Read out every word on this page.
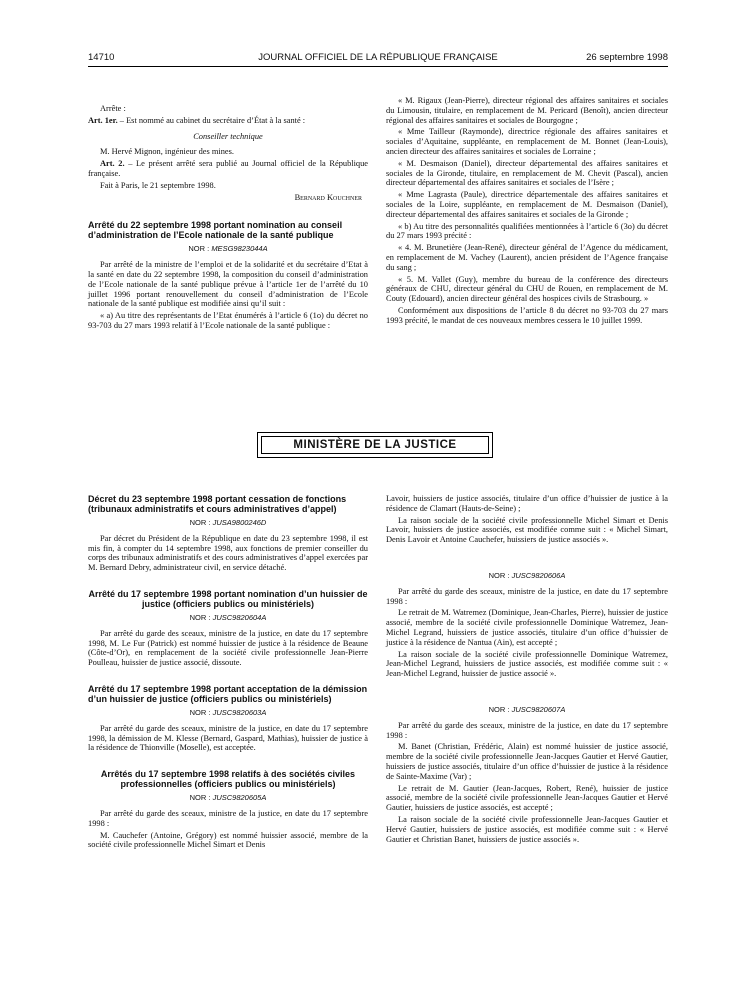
14710	JOURNAL OFFICIEL DE LA RÉPUBLIQUE FRANÇAISE	26 septembre 1998

Arrête :

Art. 1er. – Est nommé au cabinet du secrétaire d’État à la santé :

Conseiller technique

M. Hervé Mignon, ingénieur des mines.

Art. 2. – Le présent arrêté sera publié au Journal officiel de la République française.

Fait à Paris, le 21 septembre 1998.

Bernard Kouchner

Arrêté du 22 septembre 1998 portant nomination au conseil d’administration de l’Ecole nationale de la santé publique
NOR : MESG9823044A

Par arrêté de la ministre de l’emploi et de la solidarité et du secrétaire d’Etat à la santé en date du 22 septembre 1998, la composition du conseil d’administration de l’Ecole nationale de la santé publique prévue à l’article 1er de l’arrêté du 10 juillet 1996 portant renouvellement du conseil d’administration de l’Ecole nationale de la santé publique est modifiée ainsi qu’il suit :

« a) Au titre des représentants de l’Etat énumérés à l’article 6 (1o) du décret no 93-703 du 27 mars 1993 relatif à l’Ecole nationale de la santé publique :

« M. Rigaux (Jean-Pierre), directeur régional des affaires sanitaires et sociales du Limousin, titulaire, en remplacement de M. Pericard (Benoît), ancien directeur régional des affaires sanitaires et sociales de Bourgogne ;

« Mme Tailleur (Raymonde), directrice régionale des affaires sanitaires et sociales d’Aquitaine, suppléante, en remplacement de M. Bonnet (Jean-Louis), ancien directeur des affaires sanitaires et sociales de Lorraine ;

« M. Desmaison (Daniel), directeur départemental des affaires sanitaires et sociales de la Gironde, titulaire, en remplacement de M. Chevit (Pascal), ancien directeur départemental des affaires sanitaires et sociales de l’Isère ;

« Mme Lagrasta (Paule), directrice départementale des affaires sanitaires et sociales de la Loire, suppléante, en remplacement de M. Desmaison (Daniel), directeur départemental des affaires sanitaires et sociales de la Gironde ;

« b) Au titre des personnalités qualifiées mentionnées à l’article 6 (3o) du décret du 27 mars 1993 précité :

« 4. M. Brunetière (Jean-René), directeur général de l’Agence du médicament, en remplacement de M. Vachey (Laurent), ancien président de l’Agence française du sang ;

« 5. M. Vallet (Guy), membre du bureau de la conférence des directeurs généraux de CHU, directeur général du CHU de Rouen, en remplacement de M. Couty (Edouard), ancien directeur général des hospices civils de Strasbourg. »

Conformément aux dispositions de l’article 8 du décret no 93-703 du 27 mars 1993 précité, le mandat de ces nouveaux membres cessera le 10 juillet 1999.

MINISTÈRE DE LA JUSTICE
Décret du 23 septembre 1998 portant cessation de fonctions (tribunaux administratifs et cours administratives d’appel)
NOR : JUSA9800246D

Par décret du Président de la République en date du 23 septembre 1998, il est mis fin, à compter du 14 septembre 1998, aux fonctions de premier conseiller du corps des tribunaux administratifs et des cours administratives d’appel exercées par M. Bernard Debry, administrateur civil, en service détaché.

Arrêté du 17 septembre 1998 portant nomination d’un huissier de justice (officiers publics ou ministériels)
NOR : JUSC9820604A

Par arrêté du garde des sceaux, ministre de la justice, en date du 17 septembre 1998, M. Le Fur (Patrick) est nommé huissier de justice à la résidence de Beaune (Côte-d’Or), en remplacement de la société civile professionnelle Jean-Pierre Poulleau, huissier de justice associé, dissoute.

Arrêté du 17 septembre 1998 portant acceptation de la démission d’un huissier de justice (officiers publics ou ministériels)
NOR : JUSC9820603A

Par arrêté du garde des sceaux, ministre de la justice, en date du 17 septembre 1998, la démission de M. Klesse (Bernard, Gaspard, Mathias), huissier de justice à la résidence de Thionville (Moselle), est acceptée.

Arrêtés du 17 septembre 1998 relatifs à des sociétés civiles professionnelles (officiers publics ou ministériels)
NOR : JUSC9820605A

Par arrêté du garde des sceaux, ministre de la justice, en date du 17 septembre 1998 :

M. Cauchefer (Antoine, Grégory) est nommé huissier associé, membre de la société civile professionnelle Michel Simart et Denis

Lavoir, huissiers de justice associés, titulaire d’un office d’huissier de justice à la résidence de Clamart (Hauts-de-Seine) ;

La raison sociale de la société civile professionnelle Michel Simart et Denis Lavoir, huissiers de justice associés, est modifiée comme suit : « Michel Simart, Denis Lavoir et Antoine Cauchefer, huissiers de justice associés ».

NOR : JUSC9820606A

Par arrêté du garde des sceaux, ministre de la justice, en date du 17 septembre 1998 :

Le retrait de M. Watremez (Dominique, Jean-Charles, Pierre), huissier de justice associé, membre de la société civile professionnelle Dominique Watremez, Jean-Michel Legrand, huissiers de justice associés, titulaire d’un office d’huissier de justice à la résidence de Nantua (Ain), est accepté ;

La raison sociale de la société civile professionnelle Dominique Watremez, Jean-Michel Legrand, huissiers de justice associés, est modifiée comme suit : « Jean-Michel Legrand, huissier de justice associé ».

NOR : JUSC9820607A

Par arrêté du garde des sceaux, ministre de la justice, en date du 17 septembre 1998 :

M. Banet (Christian, Frédéric, Alain) est nommé huissier de justice associé, membre de la société civile professionnelle Jean-Jacques Gautier et Hervé Gautier, huissiers de justice associés, titulaire d’un office d’huissier de justice à la résidence de Sainte-Maxime (Var) ;

Le retrait de M. Gautier (Jean-Jacques, Robert, René), huissier de justice associé, membre de la société civile professionnelle Jean-Jacques Gautier et Hervé Gautier, huissiers de justice associés, est accepté ;

La raison sociale de la société civile professionnelle Jean-Jacques Gautier et Hervé Gautier, huissiers de justice associés, est modifiée comme suit : « Hervé Gautier et Christian Banet, huissiers de justice associés ».
